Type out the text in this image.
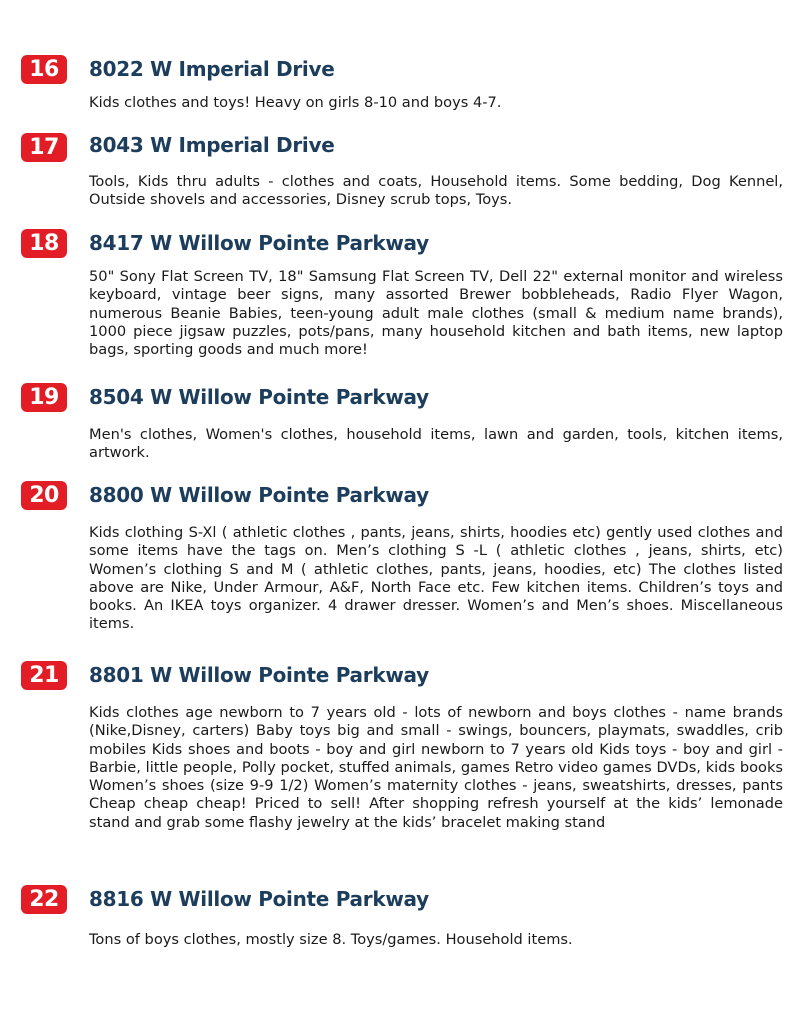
16	8022 W Imperial Drive

Kids clothes and toys! Heavy on girls 8-10 and boys 4-7.

17	8043 W Imperial Drive

Tools, Kids thru adults - clothes and coats, Household items. Some bedding, Dog Kennel, Outside shovels and accessories, Disney scrub tops, Toys.

18	8417 W Willow Pointe Parkway

50" Sony Flat Screen TV, 18" Samsung Flat Screen TV, Dell 22" external monitor and wireless keyboard, vintage beer signs, many assorted Brewer bobbleheads, Radio Flyer Wagon, numerous Beanie Babies, teen-young adult male clothes (small & medium name brands), 1000 piece jigsaw puzzles, pots/pans, many household kitchen and bath items, new laptop bags, sporting goods and much more!

19	8504 W Willow Pointe Parkway

Men's clothes, Women's clothes, household items, lawn and garden, tools, kitchen items, artwork.

20	8800 W Willow Pointe Parkway

Kids clothing S-Xl ( athletic clothes , pants, jeans, shirts, hoodies etc) gently used clothes and some items have the tags on. Men’s clothing S -L ( athletic clothes , jeans, shirts, etc) Women’s clothing S and M ( athletic clothes, pants, jeans, hoodies, etc) The clothes listed above are Nike, Under Armour, A&F, North Face etc. Few kitchen items. Children’s toys and books. An IKEA toys organizer. 4 drawer dresser. Women’s and Men’s shoes. Miscellaneous items.

21	8801 W Willow Pointe Parkway

Kids clothes age newborn to 7 years old - lots of newborn and boys clothes - name brands (Nike,Disney, carters) Baby toys big and small - swings, bouncers, playmats, swaddles, crib mobiles Kids shoes and boots - boy and girl newborn to 7 years old Kids toys - boy and girl - Barbie, little people, Polly pocket, stuffed animals, games Retro video games DVDs, kids books Women’s shoes (size 9-9 1/2) Women’s maternity clothes - jeans, sweatshirts, dresses, pants Cheap cheap cheap! Priced to sell! After shopping refresh yourself at the kids’ lemonade stand and grab some flashy jewelry at the kids’ bracelet making stand

22	8816 W Willow Pointe Parkway

Tons of boys clothes, mostly size 8. Toys/games. Household items.
